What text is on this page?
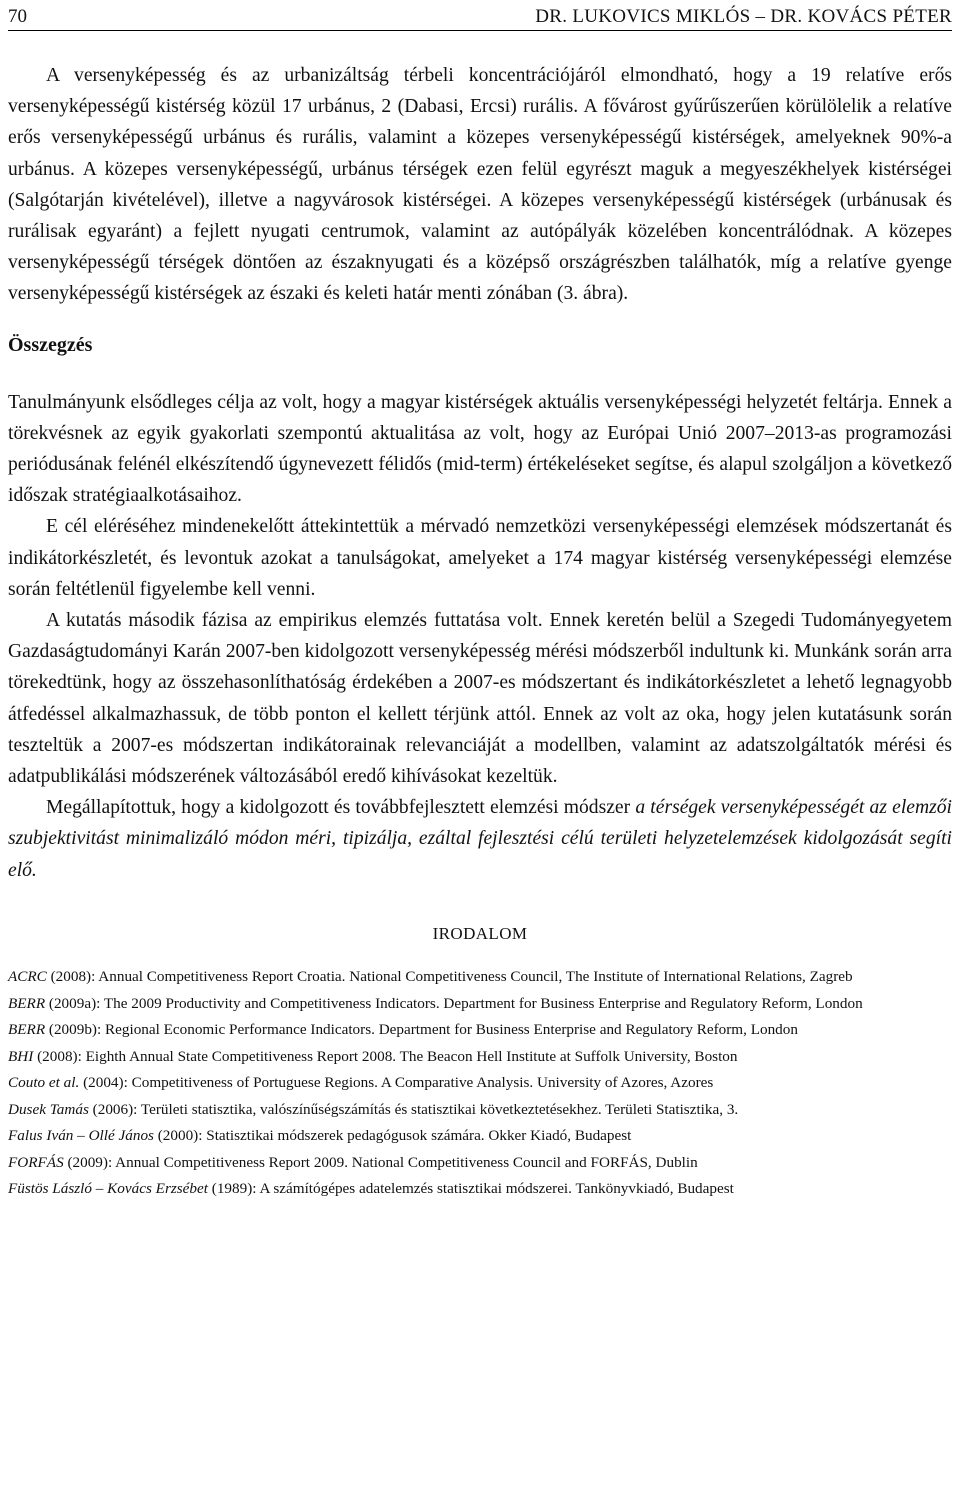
70	DR. LUKOVICS MIKLÓS – DR. KOVÁCS PÉTER

A versenyképesség és az urbanizáltság térbeli koncentrációjáról elmondható, hogy a 19 relatíve erős versenyképességű kistérség közül 17 urbánus, 2 (Dabasi, Ercsi) rurális. A fővárost gyűrűszerűen körülölelik a relatíve erős versenyképességű urbánus és rurális, valamint a közepes versenyképességű kistérségek, amelyeknek 90%-a urbánus. A közepes versenyképességű, urbánus térségek ezen felül egyrészt maguk a megyeszékhelyek kistérségei (Salgótarján kivételével), illetve a nagyvárosok kistérségei. A közepes versenyképességű kistérségek (urbánusak és rurálisak egyaránt) a fejlett nyugati centrumok, valamint az autópályák közelében koncentrálódnak. A közepes versenyképességű térségek döntően az északnyugati és a középső országrészben találhatók, míg a relatíve gyenge versenyképességű kistérségek az északi és keleti határ menti zónában (3. ábra).

Összegzés

Tanulmányunk elsődleges célja az volt, hogy a magyar kistérségek aktuális versenyképességi helyzetét feltárja. Ennek a törekvésnek az egyik gyakorlati szempontú aktualitása az volt, hogy az Európai Unió 2007–2013-as programozási periódusának felénél elkészítendő úgynevezett félidős (mid-term) értékeléseket segítse, és alapul szolgáljon a következő időszak stratégiaalkotásaihoz.

E cél eléréséhez mindenekelőtt áttekintettük a mérvadó nemzetközi versenyképességi elemzések módszertanát és indikátorkészletét, és levontuk azokat a tanulságokat, amelyeket a 174 magyar kistérség versenyképességi elemzése során feltétlenül figyelembe kell venni.

A kutatás második fázisa az empirikus elemzés futtatása volt. Ennek keretén belül a Szegedi Tudományegyetem Gazdaságtudományi Karán 2007-ben kidolgozott versenyképesség mérési módszerből indultunk ki. Munkánk során arra törekedtünk, hogy az összehasonlíthatóság érdekében a 2007-es módszertant és indikátorkészletet a lehető legnagyobb átfedéssel alkalmazhassuk, de több ponton el kellett térjünk attól. Ennek az volt az oka, hogy jelen kutatásunk során teszteltük a 2007-es módszertan indikátorainak relevanciáját a modellben, valamint az adatszolgáltatók mérési és adatpublikálási módszerének változásából eredő kihívásokat kezeltük.

Megállapítottuk, hogy a kidolgozott és továbbfejlesztett elemzési módszer a térségek versenyképességét az elemzői szubjektivitást minimalizáló módon méri, tipizálja, ezáltal fejlesztési célú területi helyzetelemzések kidolgozását segíti elő.

IRODALOM
ACRC (2008): Annual Competitiveness Report Croatia. National Competitiveness Council, The Institute of International Relations, Zagreb
BERR (2009a): The 2009 Productivity and Competitiveness Indicators. Department for Business Enterprise and Regulatory Reform, London
BERR (2009b): Regional Economic Performance Indicators. Department for Business Enterprise and Regulatory Reform, London
BHI (2008): Eighth Annual State Competitiveness Report 2008. The Beacon Hell Institute at Suffolk University, Boston
Couto et al. (2004): Competitiveness of Portuguese Regions. A Comparative Analysis. University of Azores, Azores
Dusek Tamás (2006): Területi statisztika, valószínűségszámítás és statisztikai következtetésekhez. Területi Statisztika, 3.
Falus Iván – Ollé János (2000): Statisztikai módszerek pedagógusok számára. Okker Kiadó, Budapest
FORFÁS (2009): Annual Competitiveness Report 2009. National Competitiveness Council and FORFÁS, Dublin
Füstös László – Kovács Erzsébet (1989): A számítógépes adatelemzés statisztikai módszerei. Tankönyvkiadó, Budapest
